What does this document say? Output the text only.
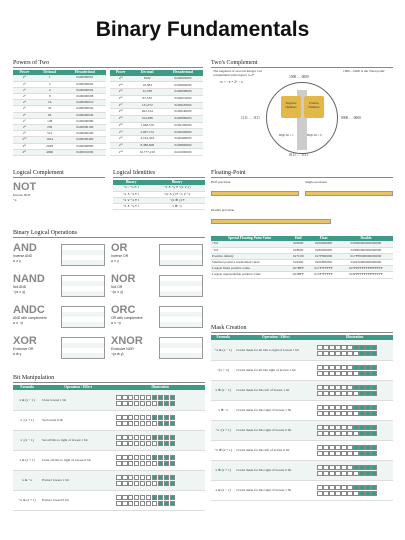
Binary Fundamentals
Powers of Two
Power	Decimal	Hexadecimal
2⁰	1	0x00000001
2¹	2	0x00000002
2²	4	0x00000004
2³	8	0x00000008
2⁴	16	0x00000010
2⁵	32	0x00000020
2⁶	64	0x00000040
2⁷	128	0x00000080
2⁸	256	0x00000100
2⁹	512	0x00000200
2¹⁰	1024	0x00000400
2¹¹	2048	0x00000800
2¹²	4096	0x00001000
Power	Decimal	Hexadecimal
2¹³	8192	0x00002000
2¹⁴	16,384	0x00004000
2¹⁵	32,768	0x00008000
2¹⁶	65,536	0x00010000
2¹⁷	131,072	0x00020000
2¹⁸	262,144	0x00040000
2¹⁹	524,288	0x00080000
2²⁰	1,048,576	0x00100000
2²¹	2,097,152	0x00200000
2²²	4,194,304	0x00400000
2²³	8,388,608	0x00800000
2²⁴	16,777,216	0x01000000
Two's Complement
The negation of an n-bit integer x in complement with respect to 2ⁿ
¬x ≡ −x = 2ⁿ − x
1000…0000 is the 'fixed point'
Negative Numbers
Positive Numbers
− +
High bit = 1	High bit = 0
1000 … 0000
1111 … 1111	0000 … 0000
0111 … 1111
Logical Complement
NOT
Inverse NOT
¬a
Logical Identities
Binary	Binary
¬x ~ ¬x ≡ 1	¬x ∧ ¬y ≡ ¬(x ∨ y)
¬x ∧ ¬x ≡ 1	¬(x ∧ y) ≡ ¬x ∨ ¬y
¬x ∨ ¬x ≡ 1	¬(x ⊕ y) ≡
¬x ∧ ¬x ≡ 1	x ⊕ ¬y
Binary Logical Operations
AND
Inverse AND
a ∧ y
OR
Inverse OR
a ∨ y
NAND
Not AND
¬(a ∧ y)
NOR
Not OR
¬(a ∨ y)
ANDC
AND with complement
a ∧ ¬y
ORC
OR with complement
a ∨ ¬y
XOR
Exclusive OR
a ⊕ y
XNOR
Exclusive NOR
¬(a ⊕ y)
Floating-Point
Half precision	Single precision
Double precision
Special Floating Point Value	Half	Float	Double
+0.0	0x0000	0x00000000	0x0000000000000000
−0.0	0x8000	0x80000000	0x8000000000000000
Positive infinity	0x7C00	0x7F800000	0x7FF0000000000000
Smallest positive normalized value	0x0400	0x00800000	0x0010000000000000
Largest finite positive value	0x7BFF	0x7F7FFFFF	0x7FEFFFFFFFFFFFFF
Largest representable positive value	0x3BFF	0x3F7FFFFF	0x3FEFFFFFFFFFFFFF
Bit Manipulation
Formula	Operation / Effect	Illustration
x & (x − 1)	Clear lowest 1 bit	

x | (x + 1)	Set lowest 0 bit	

x | (x − 1)	Set all bits to right of lowest 1 bit	

x & (x + 1)	Clear all bits to right of lowest 0 bit	

x & −x	Extract lowest 1 bit	

¬x & (x + 1)	Extract lowest 0 bit	
Mask Creation
Formula	Operation / Effect	Illustration
¬x & (x − 1)	Create mask for all bits to right of lowest 1 bit	

¬(x | −x)	Create mask for all bits right of lowest 1 bit	

x ⊕ (x − 1)	Create mask for bits left of lowest 1 bit	

x ⊕ −x	Create mask for bits right of lowest 1 bit	

¬x | (x + 1)	Create mask for bits right of lowest 0 bit	

¬x ⊕ (x + 1)	Create mask for bits left of lowest 0 bit	

x ⊕ (x + 1)	Create mask for bits right of lowest 0 bit	

x & (x − 1)	Create mask for bits right of lowest 1 bit	
